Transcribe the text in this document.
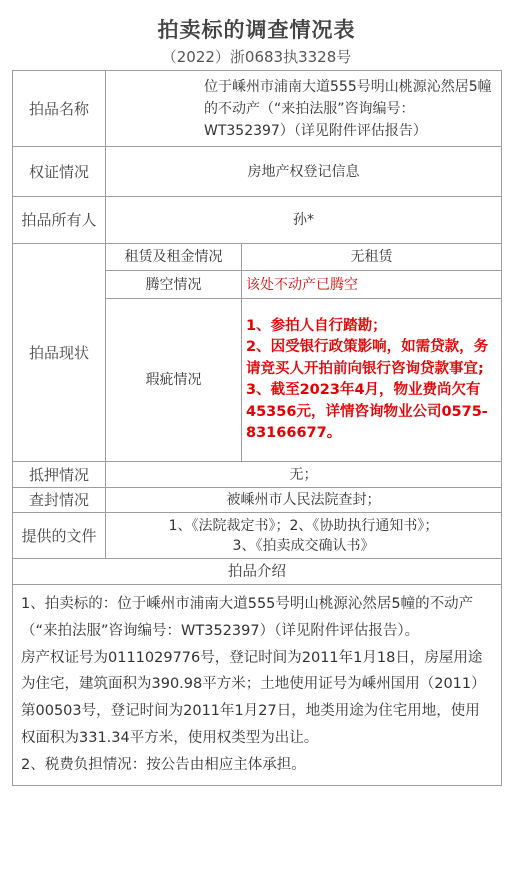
拍卖标的调查情况表
（2022）浙0683执3328号
拍品名称	位于嵊州市浦南大道555号明山桃源沁然居5幢的不动产（“来拍法服”咨询编号：WT352397）（详见附件评估报告）	
权证情况	房地产权登记信息	
拍品所有人	孙*	
拍品现状	租赁及租金情况	无租赁
	腾空情况	该处不动产已腾空
	瑕疵情况	1、参拍人自行踏勘；
2、因受银行政策影响，如需贷款，务请竞买人开拍前向银行咨询贷款事宜;
3、截至2023年4月，物业费尚欠有45356元，详情咨询物业公司0575-83166677。

抵押情况	无；	
查封情况	被嵊州市人民法院查封；	
提供的文件	1、《法院裁定书》；2、《协助执行通知书》；
3、《拍卖成交确认书》	

拍品介绍		

1、拍卖标的：位于嵊州市浦南大道555号明山桃源沁然居5幢的不动产（“来拍法服”咨询编号：WT352397）（详见附件评估报告）。

房产权证号为0111029776号，登记时间为2011年1月18日，房屋用途为住宅，建筑面积为390.98平方米；土地使用证号为嵊州国用（2011）第00503号，登记时间为2011年1月27日，地类用途为住宅用地，使用权面积为331.34平方米，使用权类型为出让。

2、税费负担情况：按公告由相应主体承担。		
